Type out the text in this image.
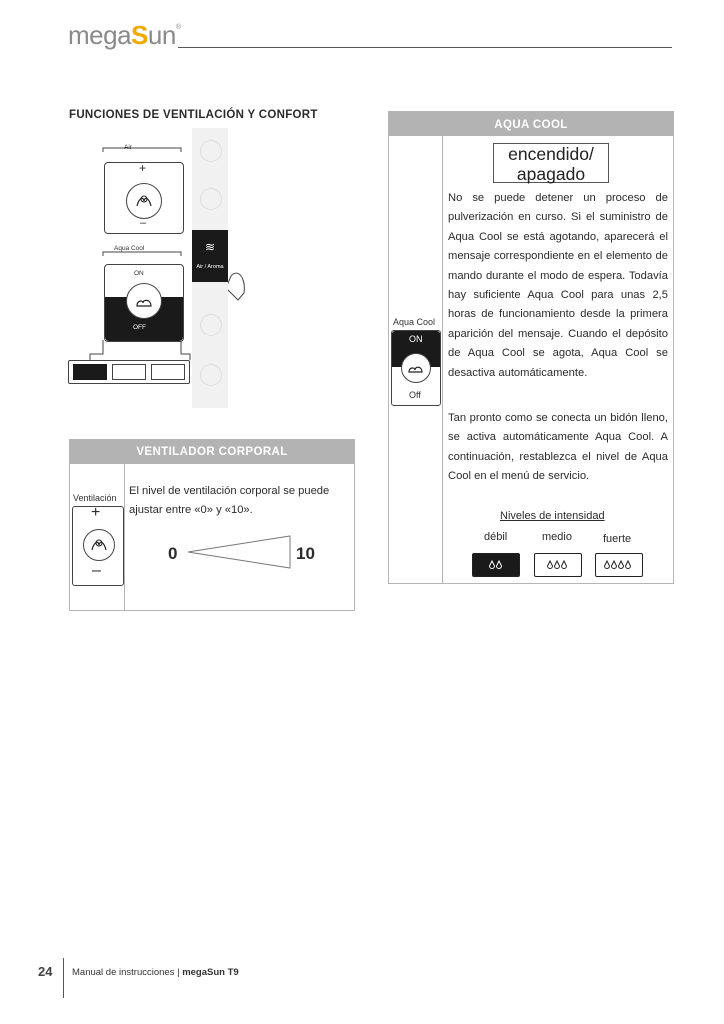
megaSun®
FUNCIONES DE VENTILACIÓN Y CONFORT
Air
+
–
Aqua Cool
ON
OFF
≋
Air / Aroma
AQUA COOL
encendido/ apagado
Aqua Cool
ON
Off
No se puede detener un proceso de pulverización en curso. Si el suministro de Aqua Cool se está agotando, aparecerá el mensaje correspondiente en el elemento de mando durante el modo de espera. Todavía hay suficiente Aqua Cool para unas 2,5 horas de funcionamiento desde la primera aparición del mensaje. Cuando el depósito de Aqua Cool se agota, Aqua Cool se desactiva automáticamente.
Tan pronto como se conecta un bidón lleno, se activa automáticamente Aqua Cool. A continuación, restablezca el nivel de Aqua Cool en el menú de servicio.
Niveles de intensidad
débil	medio	fuerte
VENTILADOR CORPORAL
Ventilación
+
–
El nivel de ventilación corporal se puede ajustar entre «0» y «10».
0	10
24 Manual de instrucciones | megaSun T9
